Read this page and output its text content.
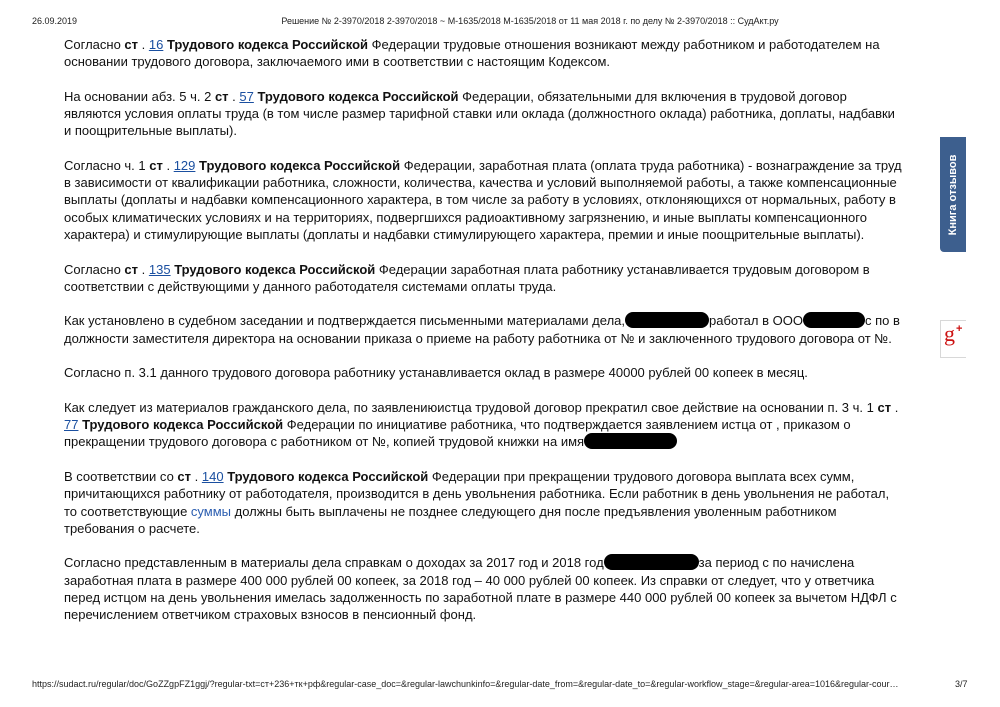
26.09.2019	Решение № 2-3970/2018 2-3970/2018 ~ М-1635/2018 М-1635/2018 от 11 мая 2018 г. по делу № 2-3970/2018 :: СудАкт.ру

Согласно ст . 16 Трудового кодекса Российской Федерации трудовые отношения возникают между работником и работодателем на основании трудового договора, заключаемого ими в соответствии с настоящим Кодексом.

На основании абз. 5 ч. 2 ст . 57 Трудового кодекса Российской Федерации, обязательными для включения в трудовой договор являются условия оплаты труда (в том числе размер тарифной ставки или оклада (должностного оклада) работника, доплаты, надбавки и поощрительные выплаты).

Согласно ч. 1 ст . 129 Трудового кодекса Российской Федерации, заработная плата (оплата труда работника) - вознаграждение за труд в зависимости от квалификации работника, сложности, количества, качества и условий выполняемой работы, а также компенсационные выплаты (доплаты и надбавки компенсационного характера, в том числе за работу в условиях, отклоняющихся от нормальных, работу в особых климатических условиях и на территориях, подвергшихся радиоактивному загрязнению, и иные выплаты компенсационного характера) и стимулирующие выплаты (доплаты и надбавки стимулирующего характера, премии и иные поощрительные выплаты).

Согласно ст . 135 Трудового кодекса Российской Федерации заработная плата работнику устанавливается трудовым договором в соответствии с действующими у данного работодателя системами оплаты труда.

Как установлено в судебном заседании и подтверждается письменными материалами дела,	работал в ООО	с по в должности заместителя директора на основании приказа о приеме на работу работника от № и заключенного трудового договора от №.

Согласно п. 3.1 данного трудового договора работнику устанавливается оклад в размере 40000 рублей 00 копеек в месяц.

Как следует из материалов гражданского дела, по заявлениюистца трудовой договор прекратил свое действие на основании п. 3 ч. 1 ст . 77 Трудового кодекса Российской Федерации по инициативе работника, что подтверждается заявлением истца от , приказом о прекращении трудового договора с работником от №, копией трудовой книжки на имя

В соответствии со ст . 140 Трудового кодекса Российской Федерации при прекращении трудового договора выплата всех сумм, причитающихся работнику от работодателя, производится в день увольнения работника. Если работник в день увольнения не работал, то соответствующие суммы должны быть выплачены не позднее следующего дня после предъявления уволенным работником требования о расчете.

Согласно представленным в материалы дела справкам о доходах за 2017 год и 2018 год	за период с по начислена заработная плата в размере 400 000 рублей 00 копеек, за 2018 год – 40 000 рублей 00 копеек. Из справки от следует, что у ответчика перед истцом на день увольнения имелась задолженность по заработной плате в размере 440 000 рублей 00 копеек за вычетом НДФЛ с перечислением ответчиком страховых взносов в пенсионный фонд.

Книга отзывов
g +
https://sudact.ru/regular/doc/GoZZgpFZ1ggj/?regular-txt=ст+236+тк+рф&regular-case_doc=&regular-lawchunkinfo=&regular-date_from=&regular-date_to=&regular-workflow_stage=&regular-area=1016&regular-cour…	3/7
